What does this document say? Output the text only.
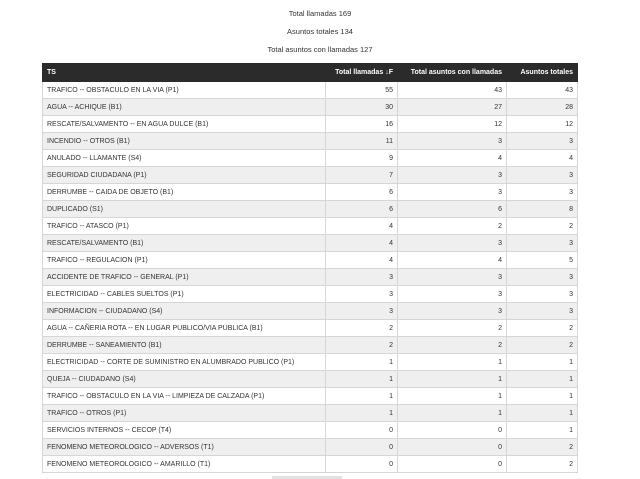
Total llamadas 169
Asuntos totales 134
Total asuntos con llamadas 127
TS	Total llamadas ↓F	Total asuntos con llamadas	Asuntos totales
TRAFICO -- OBSTACULO EN LA VIA (P1)	55	43	43
AGUA -- ACHIQUE (B1)	30	27	28
RESCATE/SALVAMENTO -- EN AGUA DULCE (B1)	16	12	12
INCENDIO -- OTROS (B1)	11	3	3
ANULADO -- LLAMANTE (S4)	9	4	4
SEGURIDAD CIUDADANA (P1)	7	3	3
DERRUMBE -- CAIDA DE OBJETO (B1)	6	3	3
DUPLICADO (S1)	6	6	8
TRAFICO -- ATASCO (P1)	4	2	2
RESCATE/SALVAMENTO (B1)	4	3	3
TRAFICO -- REGULACION (P1)	4	4	5
ACCIDENTE DE TRAFICO -- GENERAL (P1)	3	3	3
ELECTRICIDAD -- CABLES SUELTOS (P1)	3	3	3
INFORMACION -- CIUDADANO (S4)	3	3	3
AGUA -- CAÑERIA ROTA -- EN LUGAR PUBLICO/VIA PUBLICA (B1)	2	2	2
DERRUMBE -- SANEAMIENTO (B1)	2	2	2
ELECTRICIDAD -- CORTE DE SUMINISTRO EN ALUMBRADO PUBLICO (P1)	1	1	1
QUEJA -- CIUDADANO (S4)	1	1	1
TRAFICO -- OBSTACULO EN LA VIA -- LIMPIEZA DE CALZADA (P1)	1	1	1
TRAFICO -- OTROS (P1)	1	1	1
SERVICIOS INTERNOS -- CECOP (T4)	0	0	1
FENOMENO METEOROLOGICO -- ADVERSOS (T1)	0	0	2
FENOMENO METEOROLOGICO -- AMARILLO (T1)	0	0	2
